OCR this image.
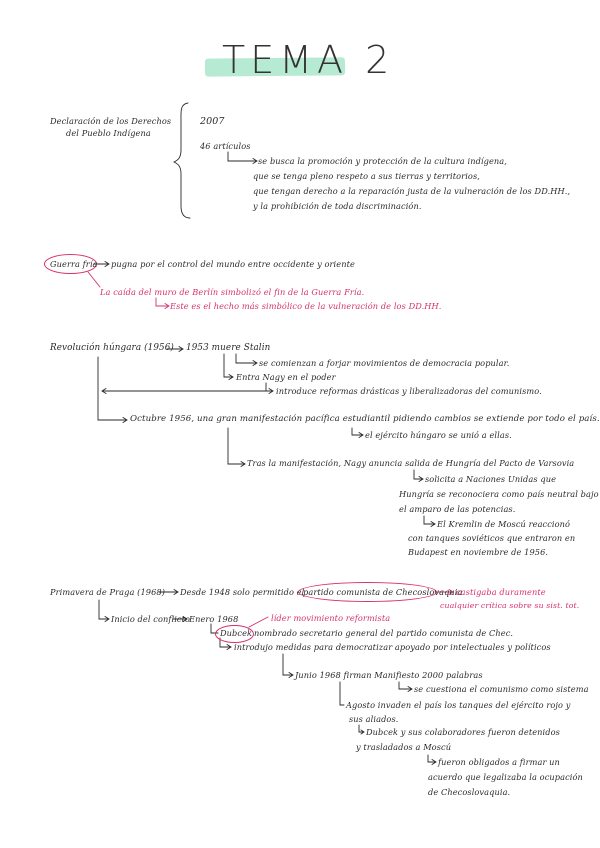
TEMA 2
Declaración de los Derechos
del Pueblo Indígena
2007
46 artículos
se busca la promoción y protección de la cultura indígena,
que se tenga pleno respeto a sus tierras y territorios,
que tengan derecho a la reparación justa de la vulneración de los DD.HH.,
y la prohibición de toda discriminación.
Guerra fría pugna por el control del mundo entre occidente y oriente
La caída del muro de Berlín simbolizó el fin de la Guerra Fría.
Este es el hecho más simbólico de la vulneración de los DD.HH.
Revolución húngara (1956) 1953 muere Stalin
se comienzan a forjar movimientos de democracia popular.
Entra Nagy en el poder
introduce reformas drásticas y liberalizadoras del comunismo.
Octubre 1956, una gran manifestación pacífica estudiantil pidiendo cambios se extiende por todo el país.
el ejército húngaro se unió a ellas.
Tras la manifestación, Nagy anuncia salida de Hungría del Pacto de Varsovia
solicita a Naciones Unidas que
Hungría se reconociera como país neutral bajo
el amparo de las potencias.
El Kremlin de Moscú reaccionó
con tanques soviéticos que entraron en
Budapest en noviembre de 1956.
Primavera de Praga (1968) Desde 1948 solo permitido el
partido comunista de Checoslovaquia
castigaba duramente
cualquier crítica sobre su sist. tot.
Inicio del conflicto
Enero 1968	líder movimiento reformista
Dubcek nombrado secretario general del partido comunista de Chec.
introdujo medidas para democratizar apoyado por intelectuales y políticos
Junio 1968 firman Manifiesto 2000 palabras
se cuestiona el comunismo como sistema
Agosto invaden el país los tanques del ejército rojo y
sus aliados.
Dubcek y sus colaboradores fueron detenidos
y trasladados a Moscú
fueron obligados a firmar un
acuerdo que legalizaba la ocupación
de Checoslovaquia.
